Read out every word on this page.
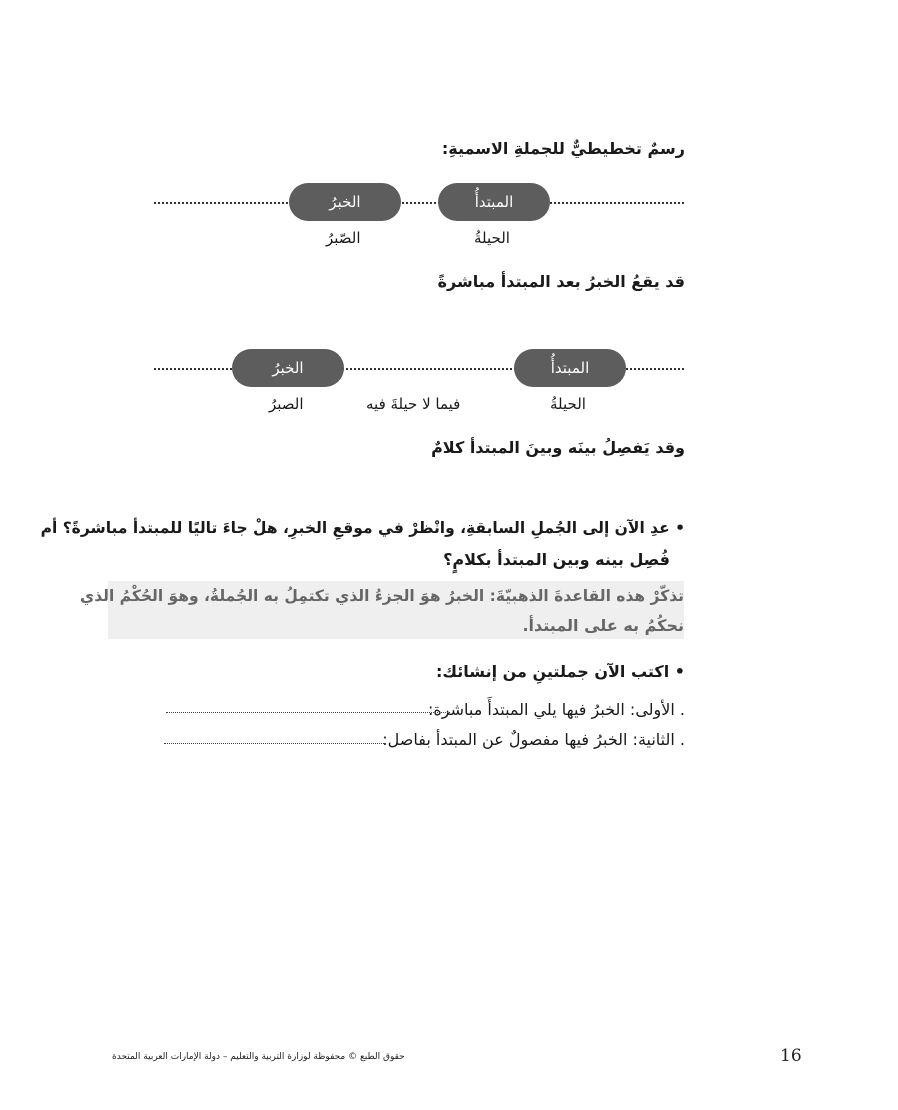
رسمٌ تخطيطيٌّ للجملةِ الاسميةِ:
المبتدأُ
الخبرُ
الحيلةُ
الصّبرُ
قد يقعُ الخبرُ بعد المبتدأ مباشرةً
المبتدأُ
الخبرُ
الحيلةُ
فيما لا حيلةَ فيه
الصبرُ
وقد يَفصِلُ بينَه وبينَ المبتدأ كلامٌ
• عدِ الآن إلى الجُملِ السابقةِ، وانْظرْ في موقعِ الخبرِ، هلْ جاءَ تاليًا للمبتدأ مباشرةً؟ أم
فُصِل بينه وبين المبتدأ بكلامٍ؟
تذكّرْ هذه القاعدةَ الذهبيّةَ: الخبرُ هوَ الجزءُ الذي تكتمِلُ به الجُملةُ، وهوَ الحُكْمُ الذي
نحكُمُ به على المبتدأ.
• اكتب الآن جملتينِ من إنشائك:
. الأولى: الخبرُ فيها يلي المبتدأَ مباشرة:
. الثانية: الخبرُ فيها مفصولٌ عن المبتدأ بفاصل:
حقوق الطبع © محفوظة لوزارة التربية والتعليم – دولة الإمارات العربية المتحدة	16
